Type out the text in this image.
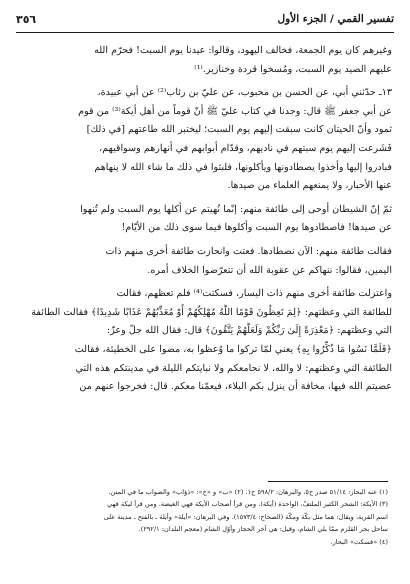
تفسير القمي / الجزء الأول
٣٥٦
وغيرهم كان يوم الجمعة، فخالف اليهود، وقالوا: عيدنا يوم السبت! فحرّم الله
عليهم الصيد يوم السبت، ومُسخوا قردة وخنازير.⁽¹⁾
١٣ـ حدّثني أبي، عن الحسن بن محبوب، عن عليّ بن رئاب⁽²⁾ عن أبي عبيدة،
عن أبي جعفر ﷺ قال: وجدنا في كتاب عليّ ﷺ أنّ قوماً من أهل أيكة⁽³⁾ من قوم
ثمود وأنّ الحيتان كانت سبقت إليهم يوم السبت؛ ليختبر الله طاعتهم [في ذلك]
فَشَرعت إليهم يوم سبتهم في ناديهم، وقدّام أبوابهم في أنهارهم وسواقيهم،
فبادروا إليها وأخذوا يصطادونها ويأكلونها، فلبثوا في ذلك ما شاء الله لا ينهاهم
عنها الأحبار، ولا يمنعهم العلماء من صيدها.
ثمّ إنّ الشيطان أوحى إلى طائفة منهم: إنّما نُهيتم عن أكلها يوم السبت ولم تُنهوا
عن صيدها! فاصطادوها يوم السبت وأكلوها فيما سوى ذلك من الأيّام!
فقالت طائفة منهم: الآن نصطادها. فعتت وانحازت طائفة أخرى منهم ذات
اليمين، فقالوا: ننهاكم عن عقوبة الله أن تتعرّضوا الخلاف أمره.
واعتزلت طائفة أخرى منهم ذات اليسار، فسكتت⁽⁴⁾ فلم تعظهم، فقالت
للطائفة التي وعظتهم: ﴿لِمَ تَعِظُونَ قَوْمًا اللَّهُ مُهْلِكُهُمْ أَوْ مُعَذِّبُهُمْ عَذَابًا شَدِيدًا﴾ فقالت الطائفة
التي وعظتهم: ﴿مَعْذِرَةً إِلَىٰ رَبِّكُمْ وَلَعَلَّهُمْ يَتَّقُونَ﴾ قال: فقال الله جلّ وعزّ:
﴿فَلَمَّا نَسُوا مَا ذُكِّرُوا بِهِ﴾ يعني لمّا تركوا ما وُعظوا به، مضوا على الخطيئة، فقالت
الطائفة التي وعظتهم: لا والله، لا نجامعكم ولا نبايتكم الليلة في مدينتكم هذه التي
عصيتم الله فيها، مخافة أن ينزل بكم البلاء، فيعمّنا معكم. قال: فخرجوا عنهم من
(١) عنه البحار: ٥١/١٤ صدر ح٥، والبرهان: ٥٩٨/٢ ح١. (٢) «ب» و «ج»: «ذؤاب» والصواب ما في المتن.
(٣) الأيكة: الشجر الكثير الملتفّ، الواحدة (أيكة). ومن قرأ أصحاب الأيكة فهي الغيضة. ومن قرأ ليكة فهي
اسم القرية، ويقال: هما مثل بكّة ومكّة (الصحاح: ١٥٧٣/٤). وفي البرهان: «أيلة» وأيلة ـ بالفتح ـ مدينة على
ساحل بحر القلزم ممّا يلي الشام، وقيل: هي آخر الحجاز وأوّل الشام (معجم البلدان: ٢٩٢/١).
(٤) «فسكت» البحار.
